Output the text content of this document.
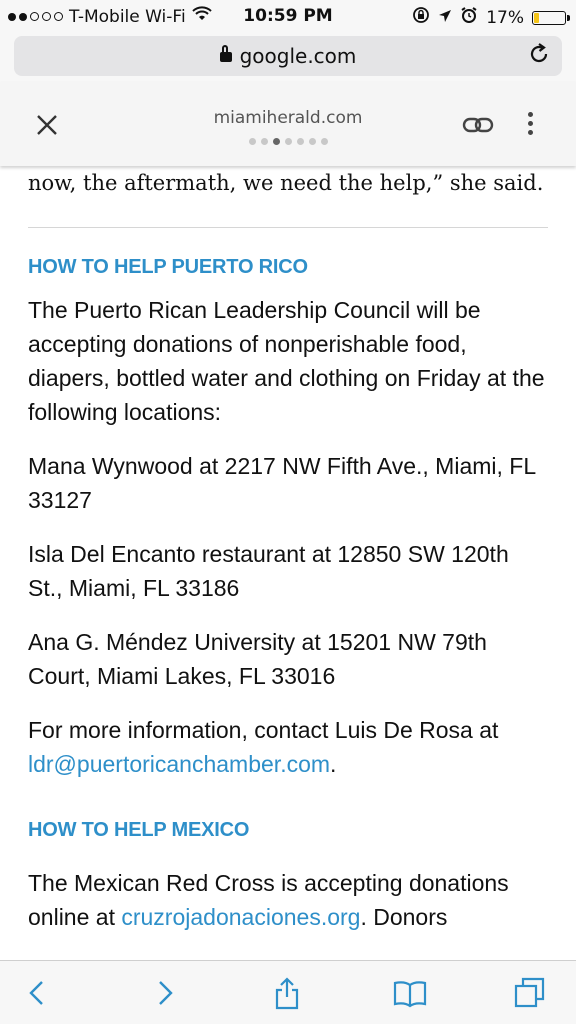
T-Mobile Wi-Fi	10:59 PM	17%
google.com
miamiherald.com

now, the aftermath, we need the help,” she said.

HOW TO HELP PUERTO RICO

The Puerto Rican Leadership Council will be accepting donations of nonperishable food, diapers, bottled water and clothing on Friday at the following locations:

Mana Wynwood at 2217 NW Fifth Ave., Miami, FL 33127

Isla Del Encanto restaurant at 12850 SW 120th St., Miami, FL 33186

Ana G. Méndez University at 15201 NW 79th Court, Miami Lakes, FL 33016

For more information, contact Luis De Rosa at ldr@puertoricanchamber.com.

HOW TO HELP MEXICO

The Mexican Red Cross is accepting donations online at cruzrojadonaciones.org. Donors
